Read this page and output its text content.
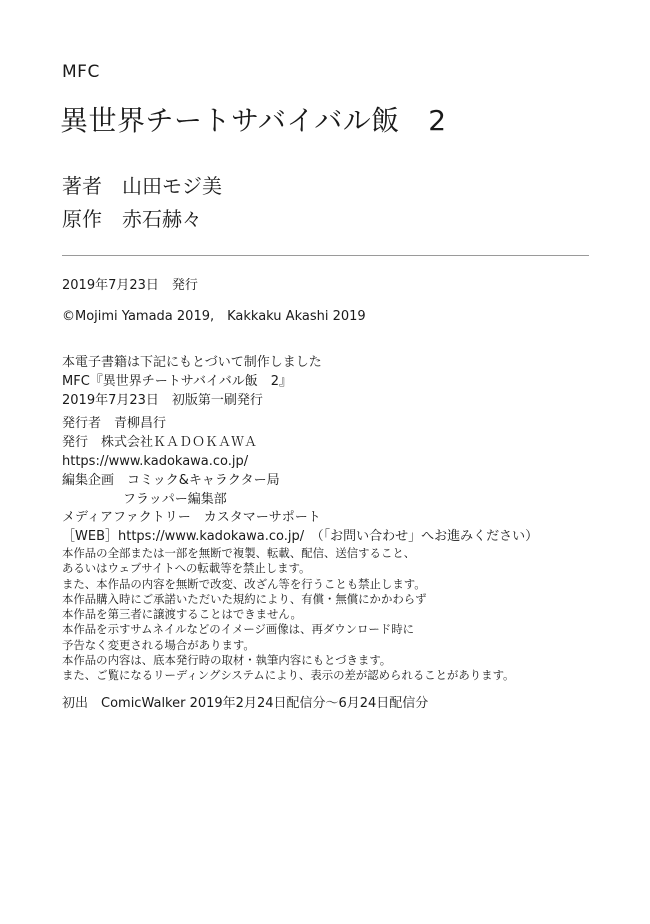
MFC
異世界チートサバイバル飯　2
著者 山田モジ美
原作 赤石赫々
2019年7月23日　発行
©Mojimi Yamada 2019,　Kakkaku Akashi 2019
本電子書籍は下記にもとづいて制作しました
MFC『異世界チートサバイバル飯　2』
2019年7月23日　初版第一刷発行
発行者　青柳昌行
発行　株式会社ＫＡＤＯＫＡＷＡ
https://www.kadokawa.co.jp/
編集企画　コミック&キャラクター局
フラッパー編集部
メディアファクトリー　カスタマーサポート
［WEB］https://www.kadokawa.co.jp/　（「お問い合わせ」へお進みください）
本作品の全部または一部を無断で複製、転載、配信、送信すること、
あるいはウェブサイトへの転載等を禁止します。
また、本作品の内容を無断で改変、改ざん等を行うことも禁止します。
本作品購入時にご承諾いただいた規約により、有償・無償にかかわらず
本作品を第三者に譲渡することはできません。
本作品を示すサムネイルなどのイメージ画像は、再ダウンロード時に
予告なく変更される場合があります。
本作品の内容は、底本発行時の取材・執筆内容にもとづきます。
また、ご覧になるリーディングシステムにより、表示の差が認められることがあります。
初出　ComicWalker 2019年2月24日配信分〜6月24日配信分
